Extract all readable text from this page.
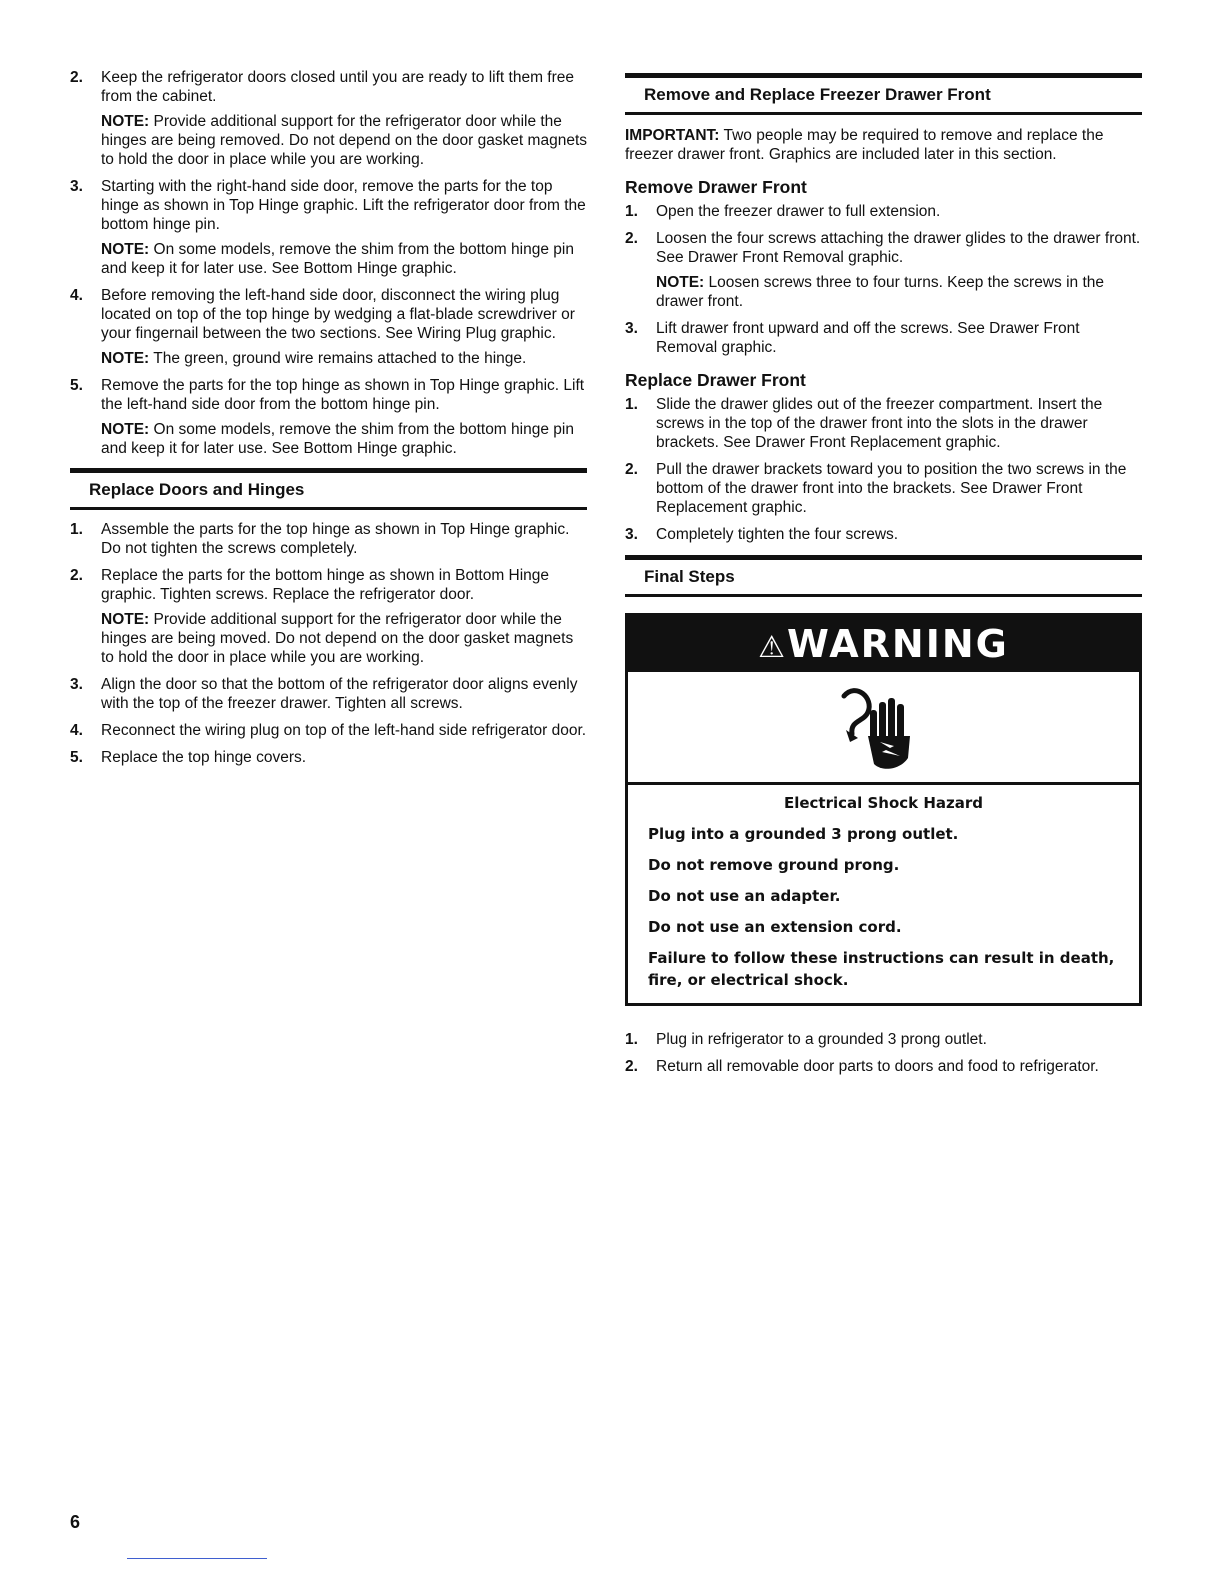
2. Keep the refrigerator doors closed until you are ready to lift them free from the cabinet.
NOTE: Provide additional support for the refrigerator door while the hinges are being removed. Do not depend on the door gasket magnets to hold the door in place while you are working.
3. Starting with the right-hand side door, remove the parts for the top hinge as shown in Top Hinge graphic. Lift the refrigerator door from the bottom hinge pin.
NOTE: On some models, remove the shim from the bottom hinge pin and keep it for later use. See Bottom Hinge graphic.
4. Before removing the left-hand side door, disconnect the wiring plug located on top of the top hinge by wedging a flat-blade screwdriver or your fingernail between the two sections. See Wiring Plug graphic.
NOTE: The green, ground wire remains attached to the hinge.
5. Remove the parts for the top hinge as shown in Top Hinge graphic. Lift the left-hand side door from the bottom hinge pin.
NOTE: On some models, remove the shim from the bottom hinge pin and keep it for later use. See Bottom Hinge graphic.
Replace Doors and Hinges
1. Assemble the parts for the top hinge as shown in Top Hinge graphic. Do not tighten the screws completely.
2. Replace the parts for the bottom hinge as shown in Bottom Hinge graphic. Tighten screws. Replace the refrigerator door.
NOTE: Provide additional support for the refrigerator door while the hinges are being moved. Do not depend on the door gasket magnets to hold the door in place while you are working.
3. Align the door so that the bottom of the refrigerator door aligns evenly with the top of the freezer drawer. Tighten all screws.
4. Reconnect the wiring plug on top of the left-hand side refrigerator door.
5. Replace the top hinge covers.
Remove and Replace Freezer Drawer Front

IMPORTANT: Two people may be required to remove and replace the freezer drawer front. Graphics are included later in this section.

Remove Drawer Front
1. Open the freezer drawer to full extension.
2. Loosen the four screws attaching the drawer glides to the drawer front. See Drawer Front Removal graphic.
NOTE: Loosen screws three to four turns. Keep the screws in the drawer front.
3. Lift drawer front upward and off the screws. See Drawer Front Removal graphic.
Replace Drawer Front
1. Slide the drawer glides out of the freezer compartment. Insert the screws in the top of the drawer front into the slots in the drawer brackets. See Drawer Front Replacement graphic.
2. Pull the drawer brackets toward you to position the two screws in the bottom of the drawer front into the brackets. See Drawer Front Replacement graphic.
3. Completely tighten the four screws.
Final Steps
⚠WARNING
Electrical Shock Hazard
Plug into a grounded 3 prong outlet.
Do not remove ground prong.
Do not use an adapter.
Do not use an extension cord.
Failure to follow these instructions can result in death, fire, or electrical shock.
1. Plug in refrigerator to a grounded 3 prong outlet.
2. Return all removable door parts to doors and food to refrigerator.
6
